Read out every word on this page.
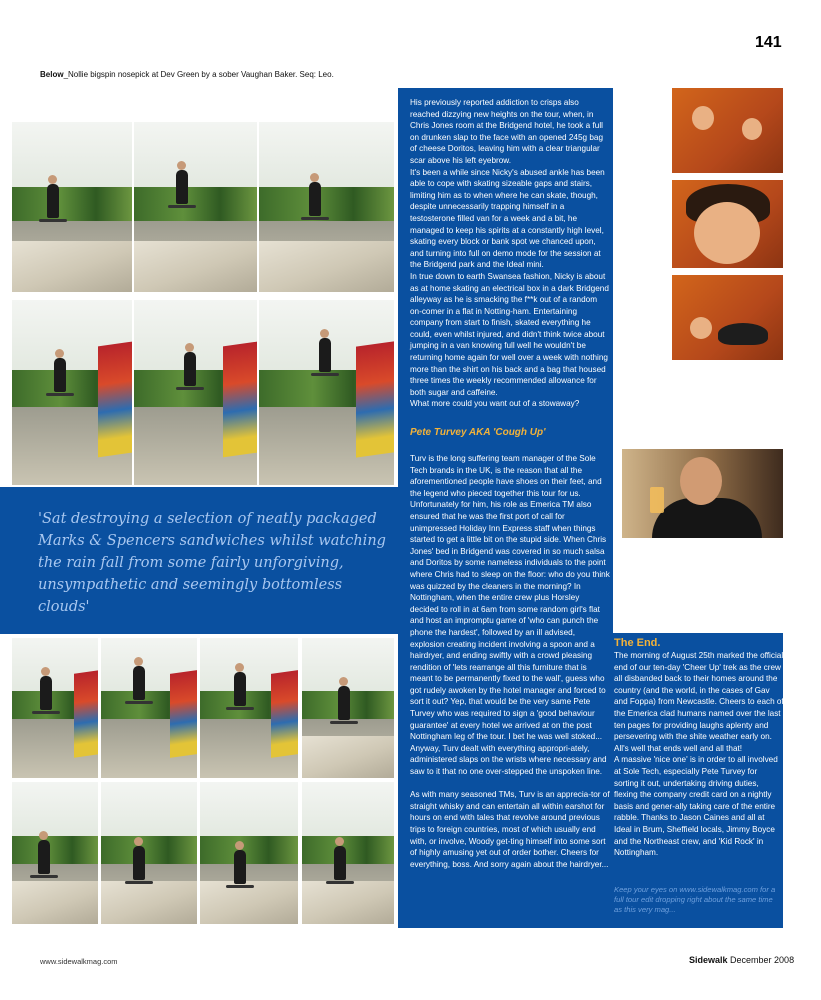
141
Below_Nollie bigspin nosepick at Dev Green by a sober Vaughan Baker. Seq: Leo.
'Sat destroying a selection of neatly packaged Marks & Spencers sandwiches whilst watching the rain fall from some fairly unforgiving, unsympathetic and seemingly bottomless clouds'

His previously reported addiction to crisps also reached dizzying new heights on the tour, when, in Chris Jones room at the Bridgend hotel, he took a full on drunken slap to the face with an opened 245g bag of cheese Doritos, leaving him with a clear triangular scar above his left eyebrow.
It's been a while since Nicky's abused ankle has been able to cope with skating sizeable gaps and stairs, limiting him as to when where he can skate, though, despite unnecessarily trapping himself in a testosterone filled van for a week and a bit, he managed to keep his spirits at a constantly high level, skating every block or bank spot we chanced upon, and turning into full on demo mode for the session at the Bridgend park and the Ideal mini.
In true down to earth Swansea fashion, Nicky is about as at home skating an electrical box in a dark Bridgend alleyway as he is smacking the f**k out of a random on-comer in a flat in Notting-ham. Entertaining company from start to finish, skated everything he could, even whilst injured, and didn't think twice about jumping in a van knowing full well he wouldn't be returning home again for well over a week with nothing more than the shirt on his back and a bag that housed three times the weekly recommended allowance for both sugar and caffeine.
What more could you want out of a stowaway?

Pete Turvey AKA 'Cough Up'

Turv is the long suffering team manager of the Sole Tech brands in the UK, is the reason that all the aforementioned people have shoes on their feet, and the legend who pieced together this tour for us.
Unfortunately for him, his role as Emerica TM also ensured that he was the first port of call for unimpressed Holiday Inn Express staff when things started to get a little bit on the stupid side. When Chris Jones' bed in Bridgend was covered in so much salsa and Doritos by some nameless individuals to the point where Chris had to sleep on the floor: who do you think was quizzed by the cleaners in the morning? In Nottingham, when the entire crew plus Horsley decided to roll in at 6am from some random girl's flat and host an impromptu game of 'who can punch the phone the hardest', followed by an ill advised, explosion creating incident involving a spoon and a hairdryer, and ending swiftly with a crowd pleasing rendition of 'lets rearrange all this furniture that is meant to be permanently fixed to the wall', guess who got rudely awoken by the hotel manager and forced to sort it out? Yep, that would be the very same Pete Turvey who was required to sign a 'good behaviour guarantee' at every hotel we arrived at on the post Nottingham leg of the tour. I bet he was well stoked...
Anyway, Turv dealt with everything appropri-ately, administered slaps on the wrists where necessary and saw to it that no one over-stepped the unspoken line.

As with many seasoned TMs, Turv is an apprecia-tor of straight whisky and can entertain all within earshot for hours on end with tales that revolve around previous trips to foreign countries, most of which usually end with, or involve, Woody get-ting himself into some sort of highly amusing yet out of order bother. Cheers for everything, boss. And sorry again about the hairdryer...

The End.

The morning of August 25th marked the official end of our ten-day 'Cheer Up' trek as the crew all disbanded back to their homes around the country (and the world, in the cases of Gav and Foppa) from Newcastle. Cheers to each of the Emerica clad humans named over the last ten pages for providing laughs aplenty and persevering with the shite weather early on. All's well that ends well and all that!
A massive 'nice one' is in order to all involved at Sole Tech, especially Pete Turvey for sorting it out, undertaking driving duties, flexing the company credit card on a nightly basis and gener-ally taking care of the entire rabble. Thanks to Jason Caines and all at Ideal in Brum, Sheffield locals, Jimmy Boyce and the Northeast crew, and 'Kid Rock' in Nottingham.

Keep your eyes on www.sidewalkmag.com for a full tour edit dropping right about the same time as this very mag...
www.sidewalkmag.com	Sidewalk December 2008
